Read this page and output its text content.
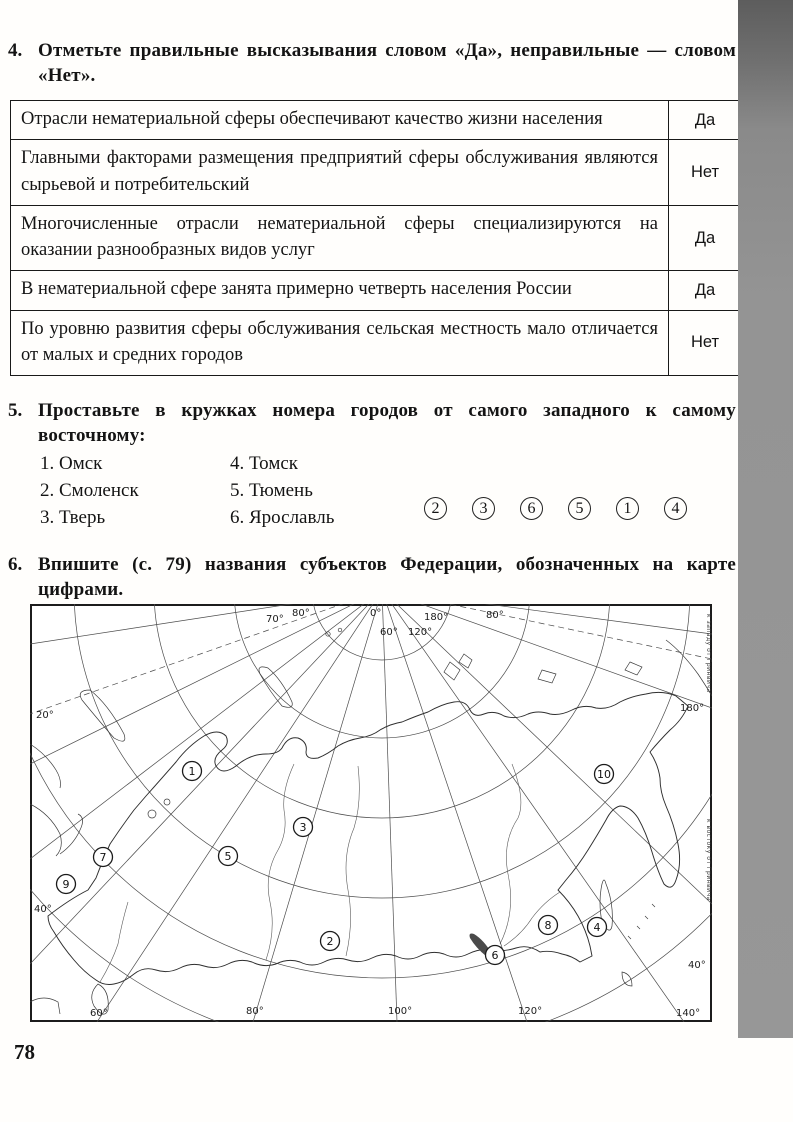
4. Отметьте правильные высказывания словом «Да», неправильные — словом «Нет».
Отрасли нематериальной сферы обеспечивают качество жизни населения	Да
Главными факторами размещения предприятий сферы обслуживания являются сырьевой и потребительский	Нет
Многочисленные отрасли нематериальной сферы специализируются на оказании разнообразных видов услуг	Да
В нематериальной сфере занята примерно четверть населения России	Да
По уровню развития сферы обслуживания сельская местность мало отличается от малых и средних городов	Нет
5. Проставьте в кружках номера городов от самого западного к самому восточному:
1. Омск
2. Смоленск
3. Тверь
4. Томск
5. Тюмень
6. Ярославль	2	3	6	5	1	4
6. Впишите (с. 79) названия субъектов Федерации, обозначенных на карте цифрами.
1
2
3
4
5
6
7
8
9
10
70°
80°	0°	180°
60° 120°
80°
20°
40°
180°
40°
60°	80°	100°	120°	140°
к западу от Гринвича
к востоку от Гринвича
78
